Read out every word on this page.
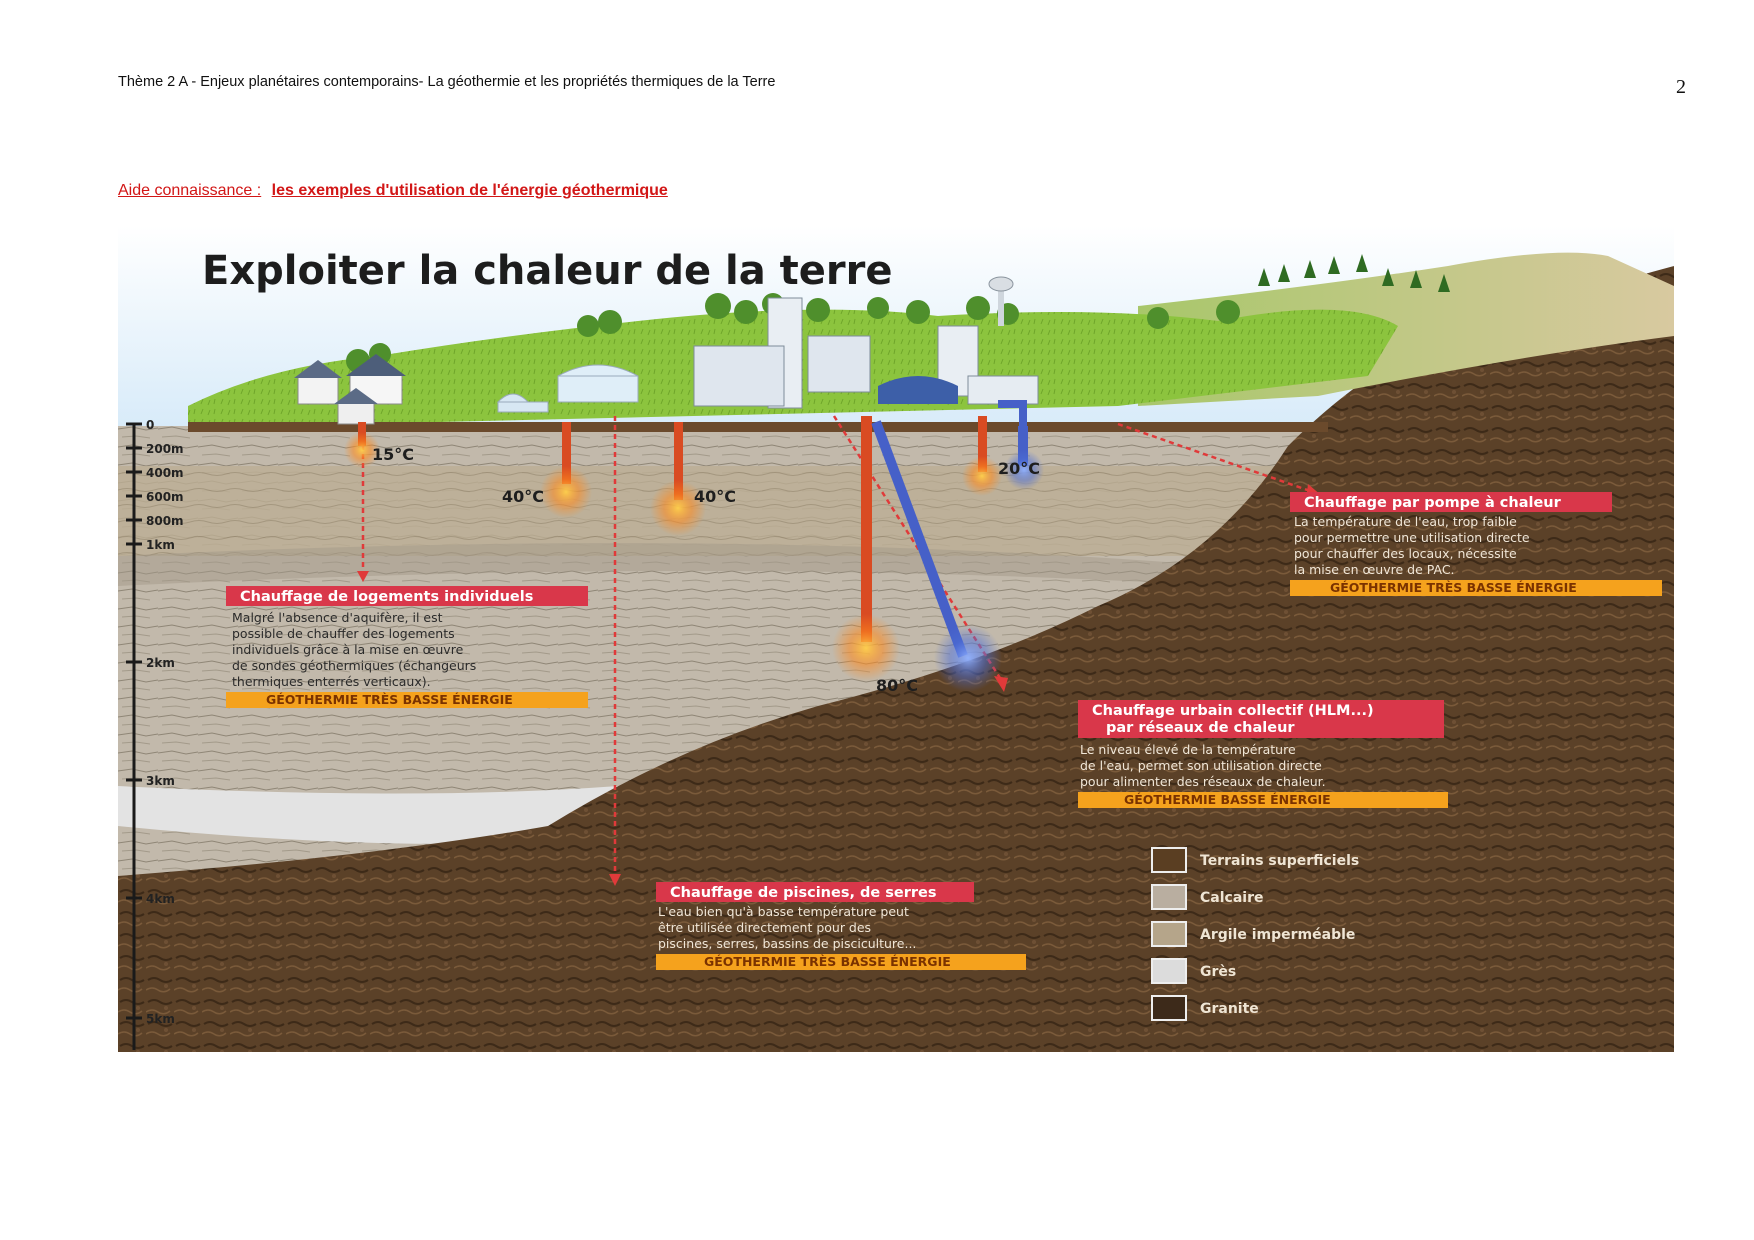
Thème 2 A - Enjeux planétaires contemporains- La géothermie et les propriétés thermiques de la Terre	2
Aide connaissance : les exemples d'utilisation de l'énergie géothermique
0
200m
400m
600m
800m
1km
2km
3km
4km
5km
15°C
40°C	40°C
80°C
20°C
Exploiter la chaleur de la terre
Chauffage de logements individuels
Malgré l'absence d'aquifère, il est
possible de chauffer des logements
individuels grâce à la mise en œuvre
de sondes géothermiques (échangeurs
thermiques enterrés verticaux).
GÉOTHERMIE TRÈS BASSE ÉNERGIE
Chauffage par pompe à chaleur
La température de l'eau, trop faible
pour permettre une utilisation directe
pour chauffer des locaux, nécessite
la mise en œuvre de PAC.
GÉOTHERMIE TRÈS BASSE ÉNERGIE
Chauffage urbain collectif (HLM...)
par réseaux de chaleur
Le niveau élevé de la température
de l'eau, permet son utilisation directe
pour alimenter des réseaux de chaleur.
GÉOTHERMIE BASSE ÉNERGIE
Chauffage de piscines, de serres
L'eau bien qu'à basse température peut
être utilisée directement pour des
piscines, serres, bassins de pisciculture...
GÉOTHERMIE TRÈS BASSE ÉNERGIE
Terrains superficiels
Calcaire
Argile imperméable
Grès
Granite
